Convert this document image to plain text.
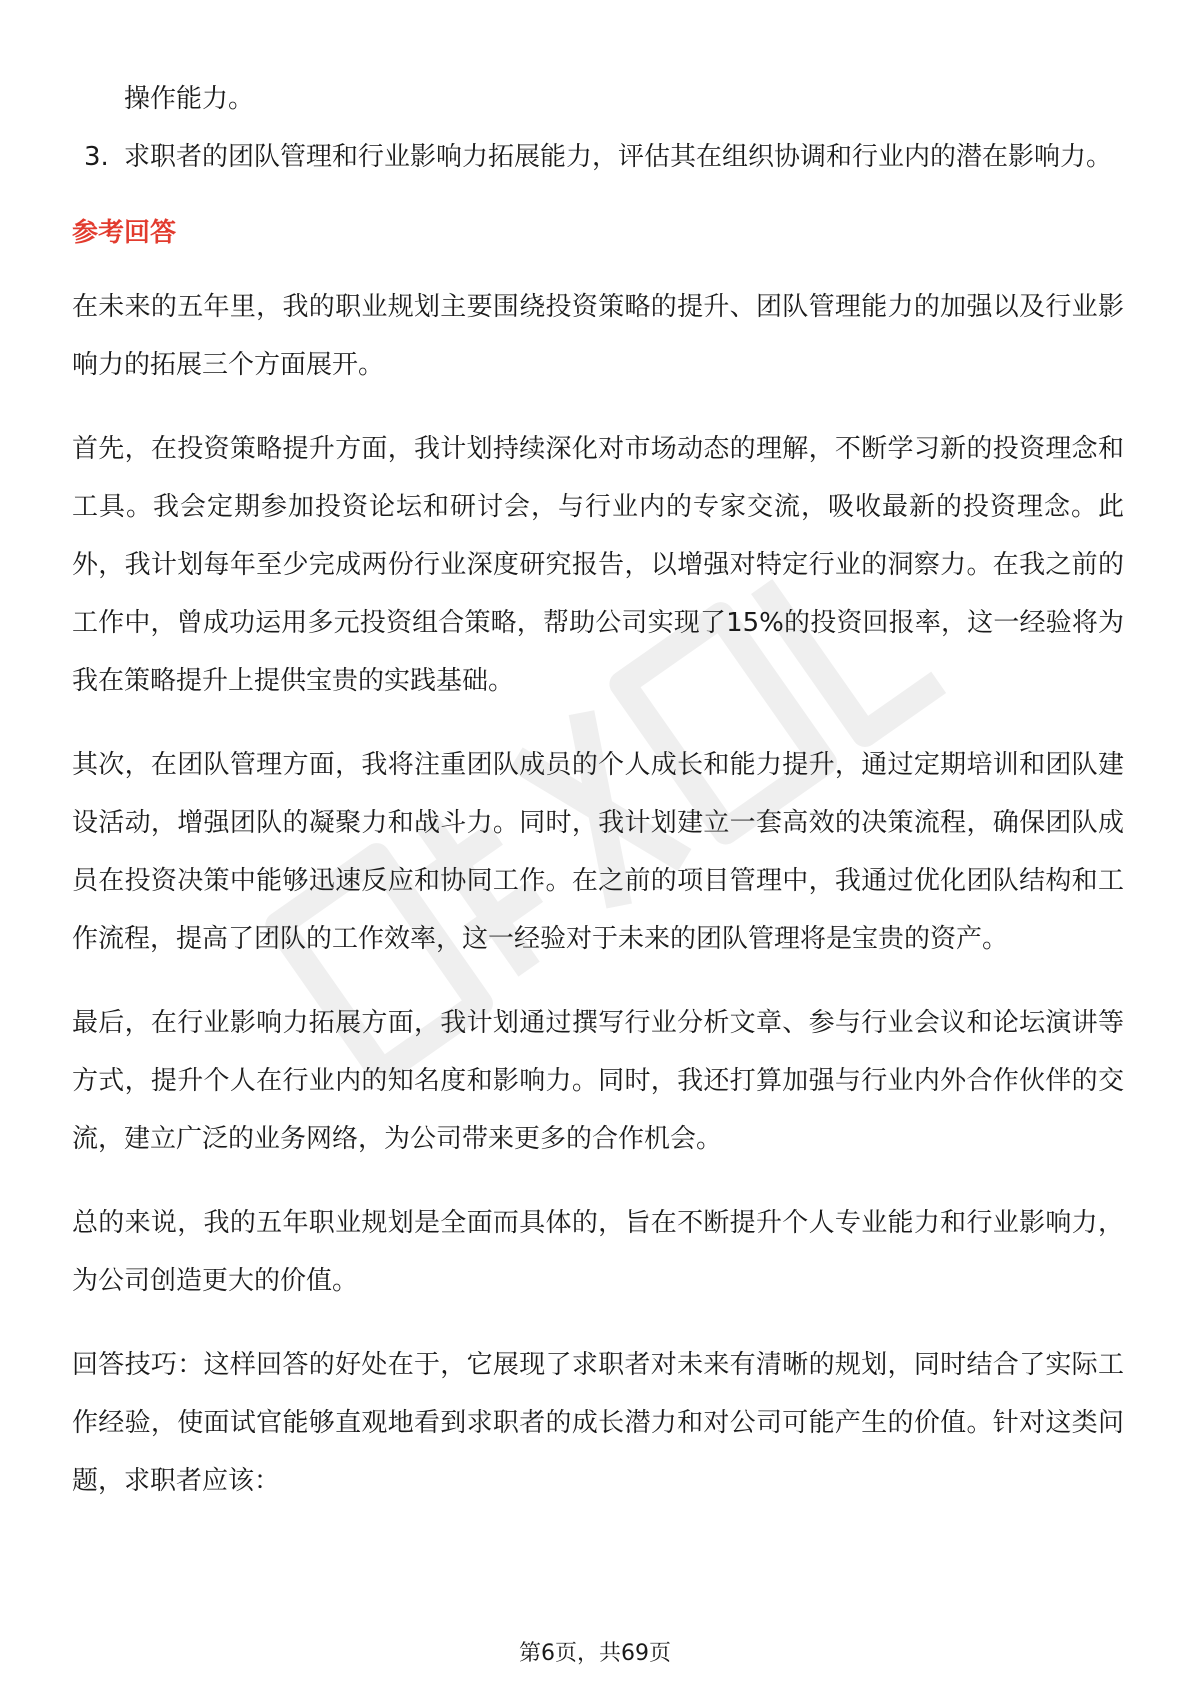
操作能力。

3. 求职者的团队管理和行业影响力拓展能力，评估其在组织协调和行业内的潜在影响力。
参考回答

在未来的五年里，我的职业规划主要围绕投资策略的提升、团队管理能力的加强以及行业影响力的拓展三个方面展开。

首先，在投资策略提升方面，我计划持续深化对市场动态的理解，不断学习新的投资理念和工具。我会定期参加投资论坛和研讨会，与行业内的专家交流，吸收最新的投资理念。此外，我计划每年至少完成两份行业深度研究报告，以增强对特定行业的洞察力。在我之前的工作中，曾成功运用多元投资组合策略，帮助公司实现了15%的投资回报率，这一经验将为我在策略提升上提供宝贵的实践基础。

其次，在团队管理方面，我将注重团队成员的个人成长和能力提升，通过定期培训和团队建设活动，增强团队的凝聚力和战斗力。同时，我计划建立一套高效的决策流程，确保团队成员在投资决策中能够迅速反应和协同工作。在之前的项目管理中，我通过优化团队结构和工作流程，提高了团队的工作效率，这一经验对于未来的团队管理将是宝贵的资产。

最后，在行业影响力拓展方面，我计划通过撰写行业分析文章、参与行业会议和论坛演讲等方式，提升个人在行业内的知名度和影响力。同时，我还打算加强与行业内外合作伙伴的交流，建立广泛的业务网络，为公司带来更多的合作机会。

总的来说，我的五年职业规划是全面而具体的，旨在不断提升个人专业能力和行业影响力，为公司创造更大的价值。

回答技巧：这样回答的好处在于，它展现了求职者对未来有清晰的规划，同时结合了实际工作经验，使面试官能够直观地看到求职者的成长潜力和对公司可能产生的价值。针对这类问题，求职者应该：

第6页，共69页
